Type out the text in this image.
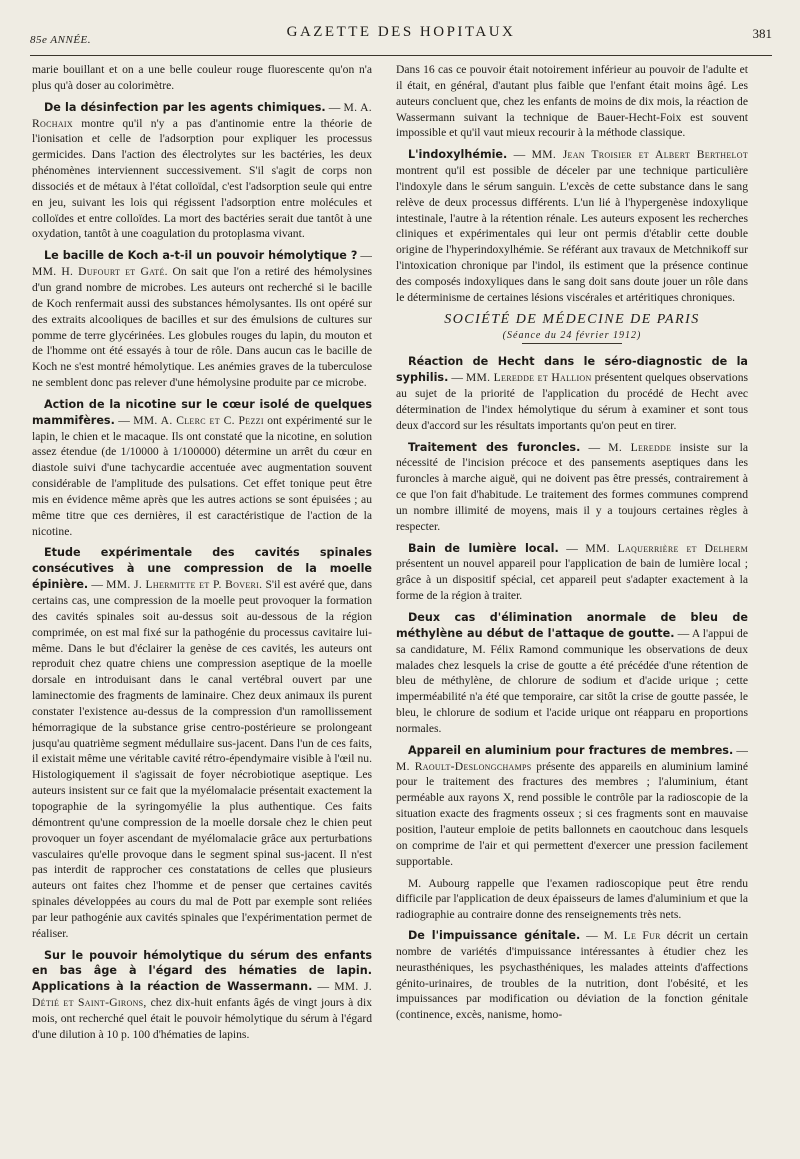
85e ANNÉE.	GAZETTE DES HOPITAUX	381

marie bouillant et on a une belle couleur rouge fluorescente qu'on n'a plus qu'à doser au colorimètre.

De la désinfection par les agents chimiques. — M. A. Rochaix montre qu'il n'y a pas d'antinomie entre la théorie de l'ionisation et celle de l'adsorption pour expliquer les processus germicides. Dans l'action des électrolytes sur les bactéries, les deux phénomènes interviennent successivement. S'il s'agit de corps non dissociés et de métaux à l'état colloïdal, c'est l'adsorption seule qui entre en jeu, suivant les lois qui régissent l'adsorption entre molécules et colloïdes et entre colloïdes. La mort des bactéries serait due tantôt à une oxydation, tantôt à une coagulation du protoplasma vivant.

Le bacille de Koch a-t-il un pouvoir hémolytique ? — MM. H. Dufourt et Gaté. On sait que l'on a retiré des hémolysines d'un grand nombre de microbes. Les auteurs ont recherché si le bacille de Koch renfermait aussi des substances hémolysantes. Ils ont opéré sur des extraits alcooliques de bacilles et sur des émulsions de cultures sur pomme de terre glycérinées. Les globules rouges du lapin, du mouton et de l'homme ont été essayés à tour de rôle. Dans aucun cas le bacille de Koch ne s'est montré hémolytique. Les anémies graves de la tuberculose ne semblent donc pas relever d'une hémolysine produite par ce microbe.

Action de la nicotine sur le cœur isolé de quelques mammifères. — MM. A. Clerc et C. Pezzi ont expérimenté sur le lapin, le chien et le macaque. Ils ont constaté que la nicotine, en solution assez étendue (de 1/10000 à 1/100000) détermine un arrêt du cœur en diastole suivi d'une tachycardie accentuée avec augmentation souvent considérable de l'amplitude des pulsations. Cet effet tonique peut être mis en évidence même après que les autres actions se sont épuisées ; au même titre que ces dernières, il est caractéristique de l'action de la nicotine.

Etude expérimentale des cavités spinales consécutives à une compression de la moelle épinière. — MM. J. Lhermitte et P. Boveri. S'il est avéré que, dans certains cas, une compression de la moelle peut provoquer la formation des cavités spinales soit au-dessus soit au-dessous de la région comprimée, on est mal fixé sur la pathogénie du processus cavitaire lui-même. Dans le but d'éclairer la genèse de ces cavités, les auteurs ont reproduit chez quatre chiens une compression aseptique de la moelle dorsale en introduisant dans le canal vertébral ouvert par une laminectomie des fragments de laminaire. Chez deux animaux ils purent constater l'existence au-dessus de la compression d'un ramollissement hémorragique de la substance grise centro-postérieure se prolongeant jusqu'au quatrième segment médullaire sus-jacent. Dans l'un de ces faits, il existait même une véritable cavité rétro-épendymaire visible à l'œil nu. Histologiquement il s'agissait de foyer nécrobiotique aseptique. Les auteurs insistent sur ce fait que la myélomalacie présentait exactement la topographie de la syringomyélie la plus authentique. Ces faits démontrent qu'une compression de la moelle dorsale chez le chien peut provoquer un foyer ascendant de myélomalacie grâce aux perturbations vasculaires qu'elle provoque dans le segment spinal sus-jacent. Il n'est pas interdit de rapprocher ces constatations de celles que plusieurs auteurs ont faites chez l'homme et de penser que certaines cavités spinales développées au cours du mal de Pott par exemple sont reliées par leur pathogénie aux cavités spinales que l'expérimentation permet de réaliser.

Sur le pouvoir hémolytique du sérum des enfants en bas âge à l'égard des hématies de lapin. Applications à la réaction de Wassermann. — MM. J. Détié et Saint-Girons, chez dix-huit enfants âgés de vingt jours à dix mois, ont recherché quel était le pouvoir hémolytique du sérum à l'égard d'une dilution à 10 p. 100 d'hématies de lapins.

Dans 16 cas ce pouvoir était notoirement inférieur au pouvoir de l'adulte et il était, en général, d'autant plus faible que l'enfant était moins âgé. Les auteurs concluent que, chez les enfants de moins de dix mois, la réaction de Wassermann suivant la technique de Bauer-Hecht-Foix est souvent impossible et qu'il vaut mieux recourir à la méthode classique.

L'indoxylhémie. — MM. Jean Troisier et Albert Berthelot montrent qu'il est possible de déceler par une technique particulière l'indoxyle dans le sérum sanguin. L'excès de cette substance dans le sang relève de deux processus différents. L'un lié à l'hypergenèse indoxylique intestinale, l'autre à la rétention rénale. Les auteurs exposent les recherches cliniques et expérimentales qui leur ont permis d'établir cette double origine de l'hyperindoxylhémie. Se référant aux travaux de Metchnikoff sur l'intoxication chronique par l'indol, ils estiment que la présence continue des composés indoxyliques dans le sang doit sans doute jouer un rôle dans le déterminisme de certaines lésions viscérales et artéritiques chroniques.

SOCIÉTÉ DE MÉDECINE DE PARIS

(Séance du 24 février 1912)

Réaction de Hecht dans le séro-diagnostic de la syphilis. — MM. Leredde et Hallion présentent quelques observations au sujet de la priorité de l'application du procédé de Hecht avec détermination de l'index hémolytique du sérum à examiner et sont tous deux d'accord sur les résultats importants qu'on peut en tirer.

Traitement des furoncles. — M. Leredde insiste sur la nécessité de l'incision précoce et des pansements aseptiques dans les furoncles à marche aiguë, qui ne doivent pas être pressés, contrairement à ce que l'on fait d'habitude. Le traitement des formes communes comprend un nombre illimité de moyens, mais il y a toujours certaines règles à respecter.

Bain de lumière local. — MM. Laquerrière et Delherm présentent un nouvel appareil pour l'application de bain de lumière local ; grâce à un dispositif spécial, cet appareil peut s'adapter exactement à la forme de la région à traiter.

Deux cas d'élimination anormale de bleu de méthylène au début de l'attaque de goutte. — A l'appui de sa candidature, M. Félix Ramond communique les observations de deux malades chez lesquels la crise de goutte a été précédée d'une rétention de bleu de méthylène, de chlorure de sodium et d'acide urique ; cette imperméabilité n'a été que temporaire, car sitôt la crise de goutte passée, le bleu, le chlorure de sodium et l'acide urique ont réapparu en proportions normales.

Appareil en aluminium pour fractures de membres. — M. Raoult-Deslongchamps présente des appareils en aluminium laminé pour le traitement des fractures des membres ; l'aluminium, étant perméable aux rayons X, rend possible le contrôle par la radioscopie de la situation exacte des fragments osseux ; si ces fragments sont en mauvaise position, l'auteur emploie de petits ballonnets en caoutchouc dans lesquels on comprime de l'air et qui permettent d'exercer une pression facilement supportable.

M. Aubourg rappelle que l'examen radioscopique peut être rendu difficile par l'application de deux épaisseurs de lames d'aluminium et que la radiographie au contraire donne des renseignements très nets.

De l'impuissance génitale. — M. Le Fur décrit un certain nombre de variétés d'impuissance intéressantes à étudier chez les neurasthéniques, les psychasthéniques, les malades atteints d'affections génito-urinaires, de troubles de la nutrition, dont l'obésité, et les impuissances par modification ou déviation de la fonction génitale (continence, excès, nanisme, homo-
